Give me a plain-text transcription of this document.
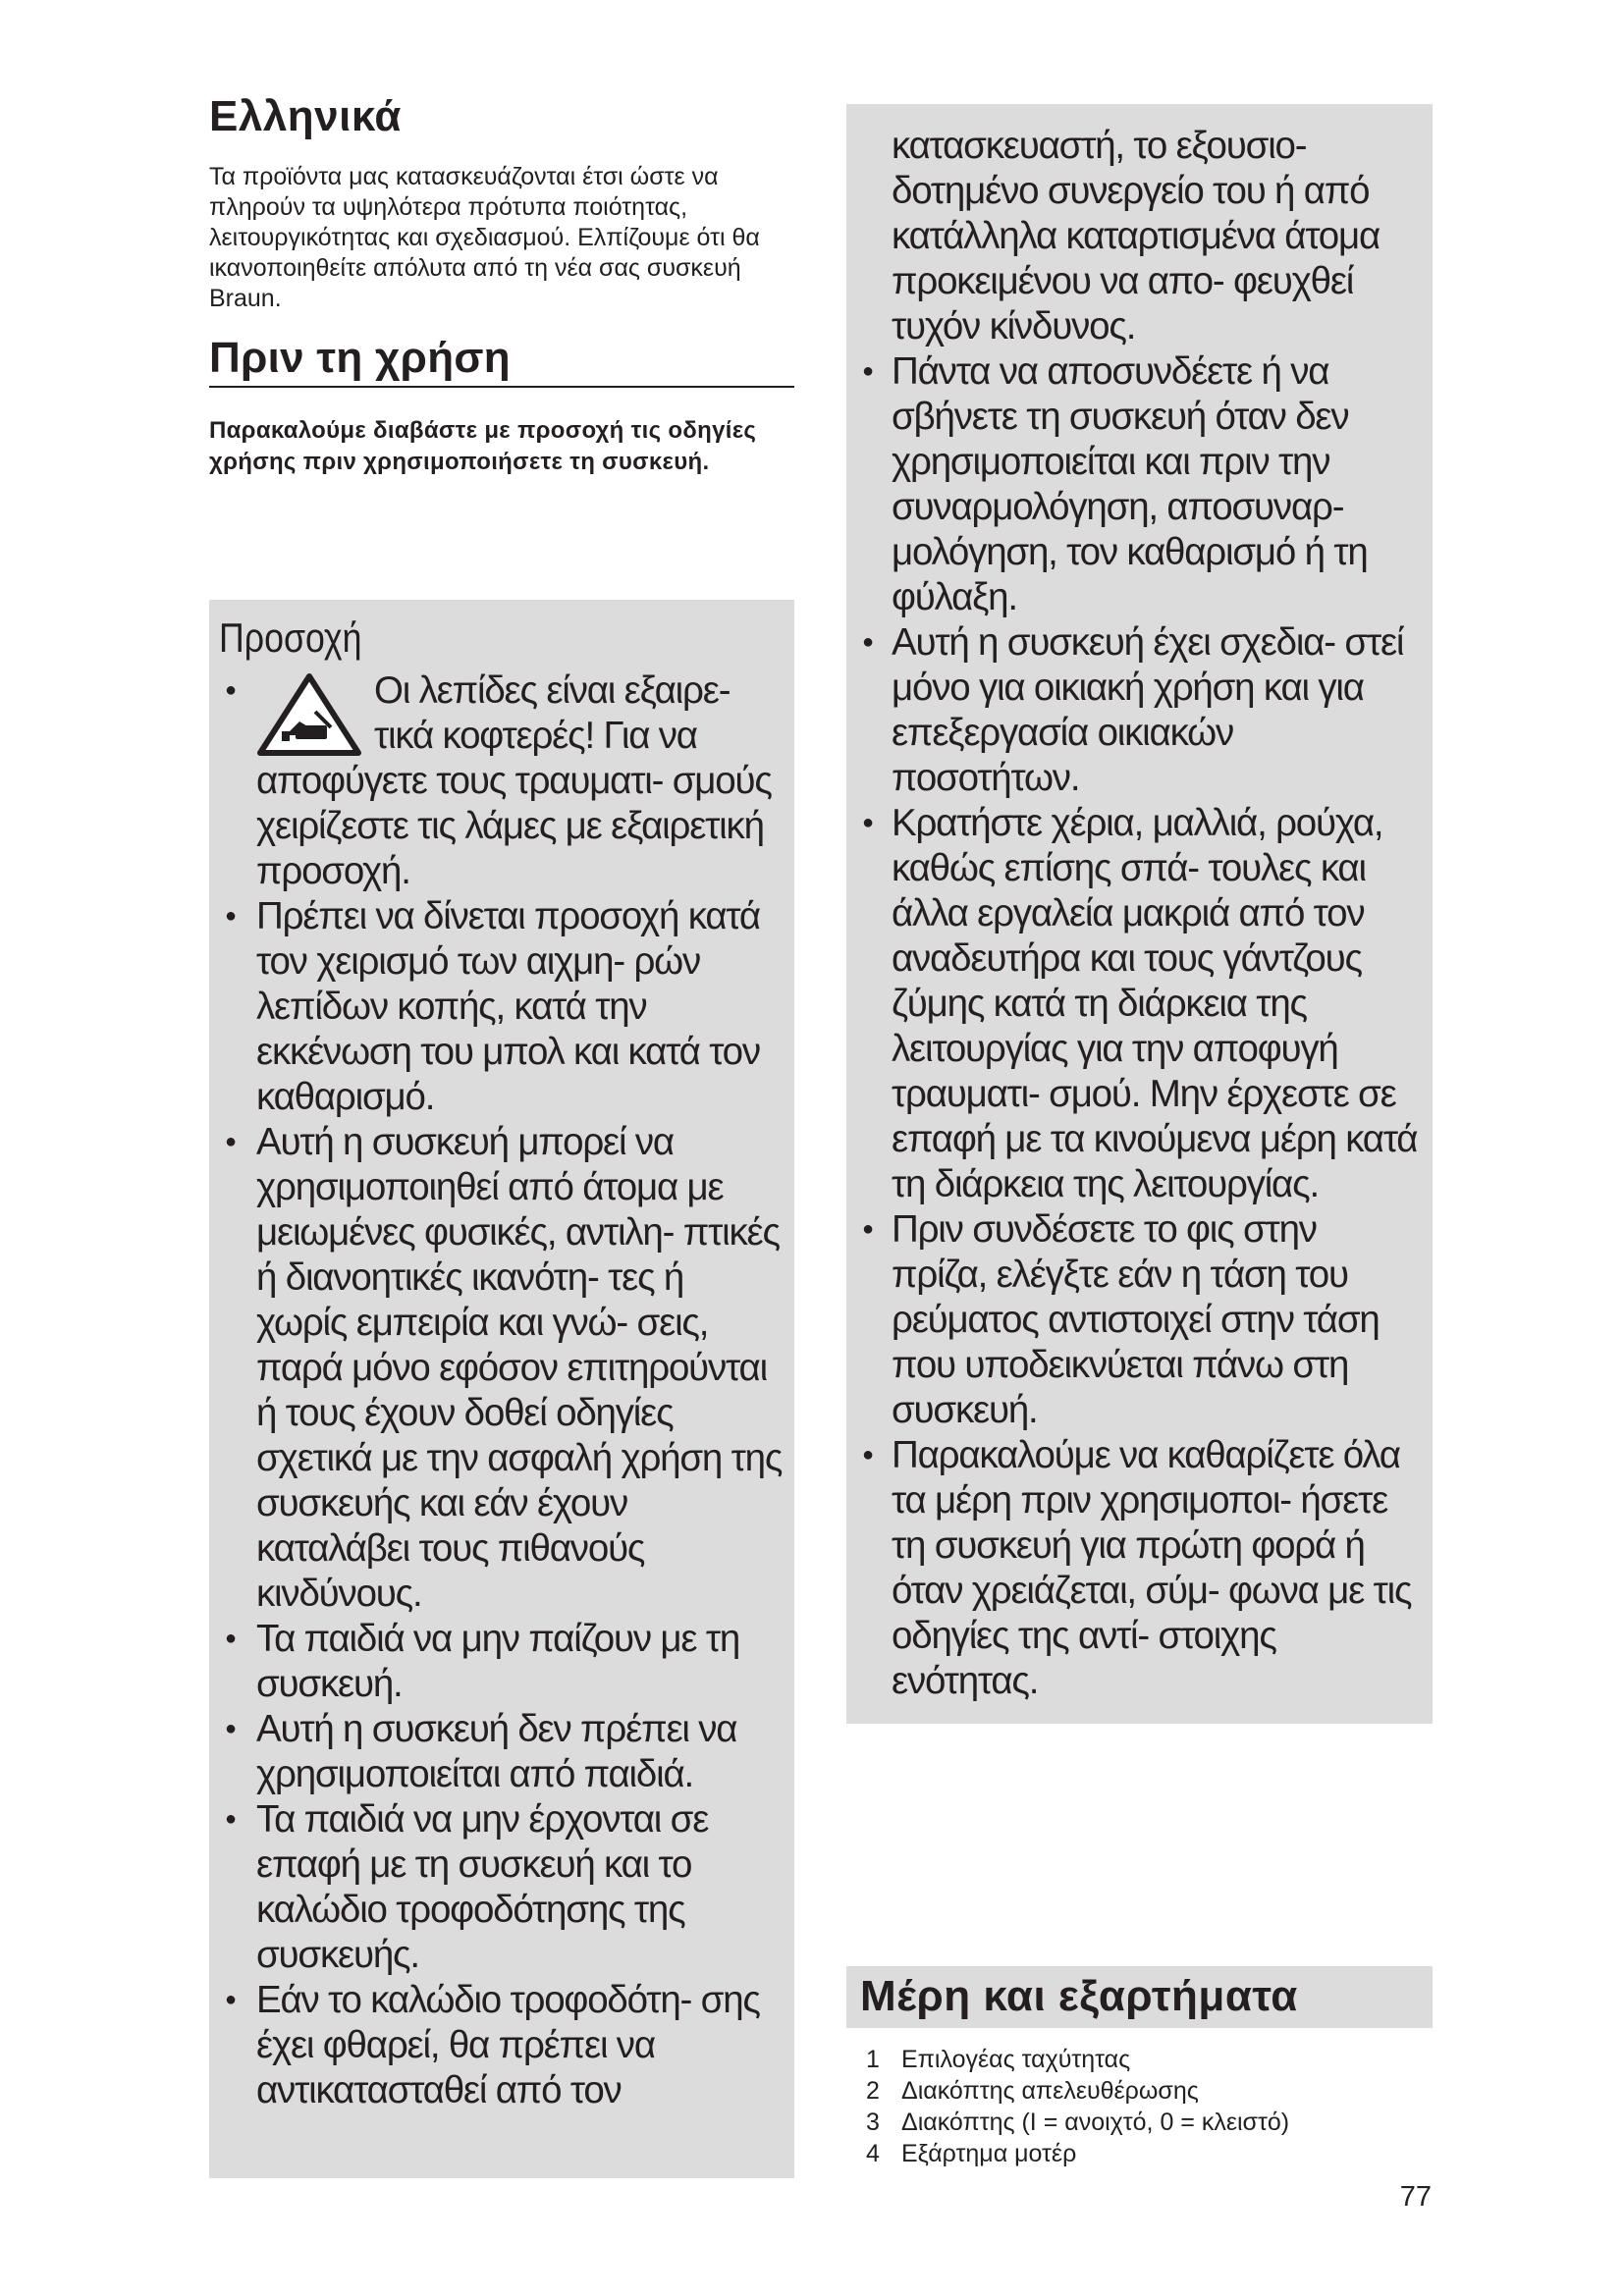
Ελληνικά

Τα προϊόντα μας κατασκευάζονται έτσι ώστε να πληρούν τα υψηλότερα πρότυπα ποιότητας, λειτουργικότητας και σχεδιασμού. Ελπίζουμε ότι θα ικανοποιηθείτε απόλυτα από τη νέα σας συσκευή Braun.

Πριν τη χρήση

Παρακαλούμε διαβάστε με προσοχή τις οδηγίες χρήσης πριν χρησιμοποιήσετε τη συσκευή.

Προσοχή
● Οι λεπίδες είναι εξαιρε- τικά κοφτερές! Για να αποφύγετε τους τραυματι- σμούς χειρίζεστε τις λάμες με εξαιρετική προσοχή.
● Πρέπει να δίνεται προσοχή κατά τον χειρισμό των αιχμη- ρών λεπίδων κοπής, κατά την εκκένωση του μπολ και κατά τον καθαρισμό.
● Αυτή η συσκευή μπορεί να χρησιμοποιηθεί από άτομα με μειωμένες φυσικές, αντιλη- πτικές ή διανοητικές ικανότη- τες ή χωρίς εμπειρία και γνώ- σεις, παρά μόνο εφόσον επιτηρούνται ή τους έχουν δοθεί οδηγίες σχετικά με την ασφαλή χρήση της συσκευής και εάν έχουν καταλάβει τους πιθανούς κινδύνους.
● Τα παιδιά να μην παίζουν με τη συσκευή.
● Αυτή η συσκευή δεν πρέπει να χρησιμοποιείται από παιδιά.
● Τα παιδιά να μην έρχονται σε επαφή με τη συσκευή και το καλώδιο τροφοδότησης της συσκευής.
● Εάν το καλώδιο τροφοδότη- σης έχει φθαρεί, θα πρέπει να αντικατασταθεί από τον
κατασκευαστή, το εξουσιο- δοτημένο συνεργείο του ή από κατάλληλα καταρτισμένα άτομα προκειμένου να απο- φευχθεί τυχόν κίνδυνος.
● Πάντα να αποσυνδέετε ή να σβήνετε τη συσκευή όταν δεν χρησιμοποιείται και πριν την συναρμολόγηση, αποσυναρ- μολόγηση, τον καθαρισμό ή τη φύλαξη.
● Αυτή η συσκευή έχει σχεδια- στεί μόνο για οικιακή χρήση και για επεξεργασία οικιακών ποσοτήτων.
● Κρατήστε χέρια, μαλλιά, ρούχα, καθώς επίσης σπά- τουλες και άλλα εργαλεία μακριά από τον αναδευτήρα και τους γάντζους ζύμης κατά τη διάρκεια της λειτουργίας για την αποφυγή τραυματι- σμού. Μην έρχεστε σε επαφή με τα κινούμενα μέρη κατά τη διάρκεια της λειτουργίας.
● Πριν συνδέσετε το φις στην πρίζα, ελέγξτε εάν η τάση του ρεύματος αντιστοιχεί στην τάση που υποδεικνύεται πάνω στη συσκευή.
● Παρακαλούμε να καθαρίζετε όλα τα μέρη πριν χρησιμοποι- ήσετε τη συσκευή για πρώτη φορά ή όταν χρειάζεται, σύμ- φωνα με τις οδηγίες της αντί- στοιχης ενότητας.
Μέρη και εξαρτήματα
1 Επιλογέας ταχύτητας
2 Διακόπτης απελευθέρωσης
3 Διακόπτης (I = ανοιχτό, 0 = κλειστό)
4 Εξάρτημα μοτέρ
77
